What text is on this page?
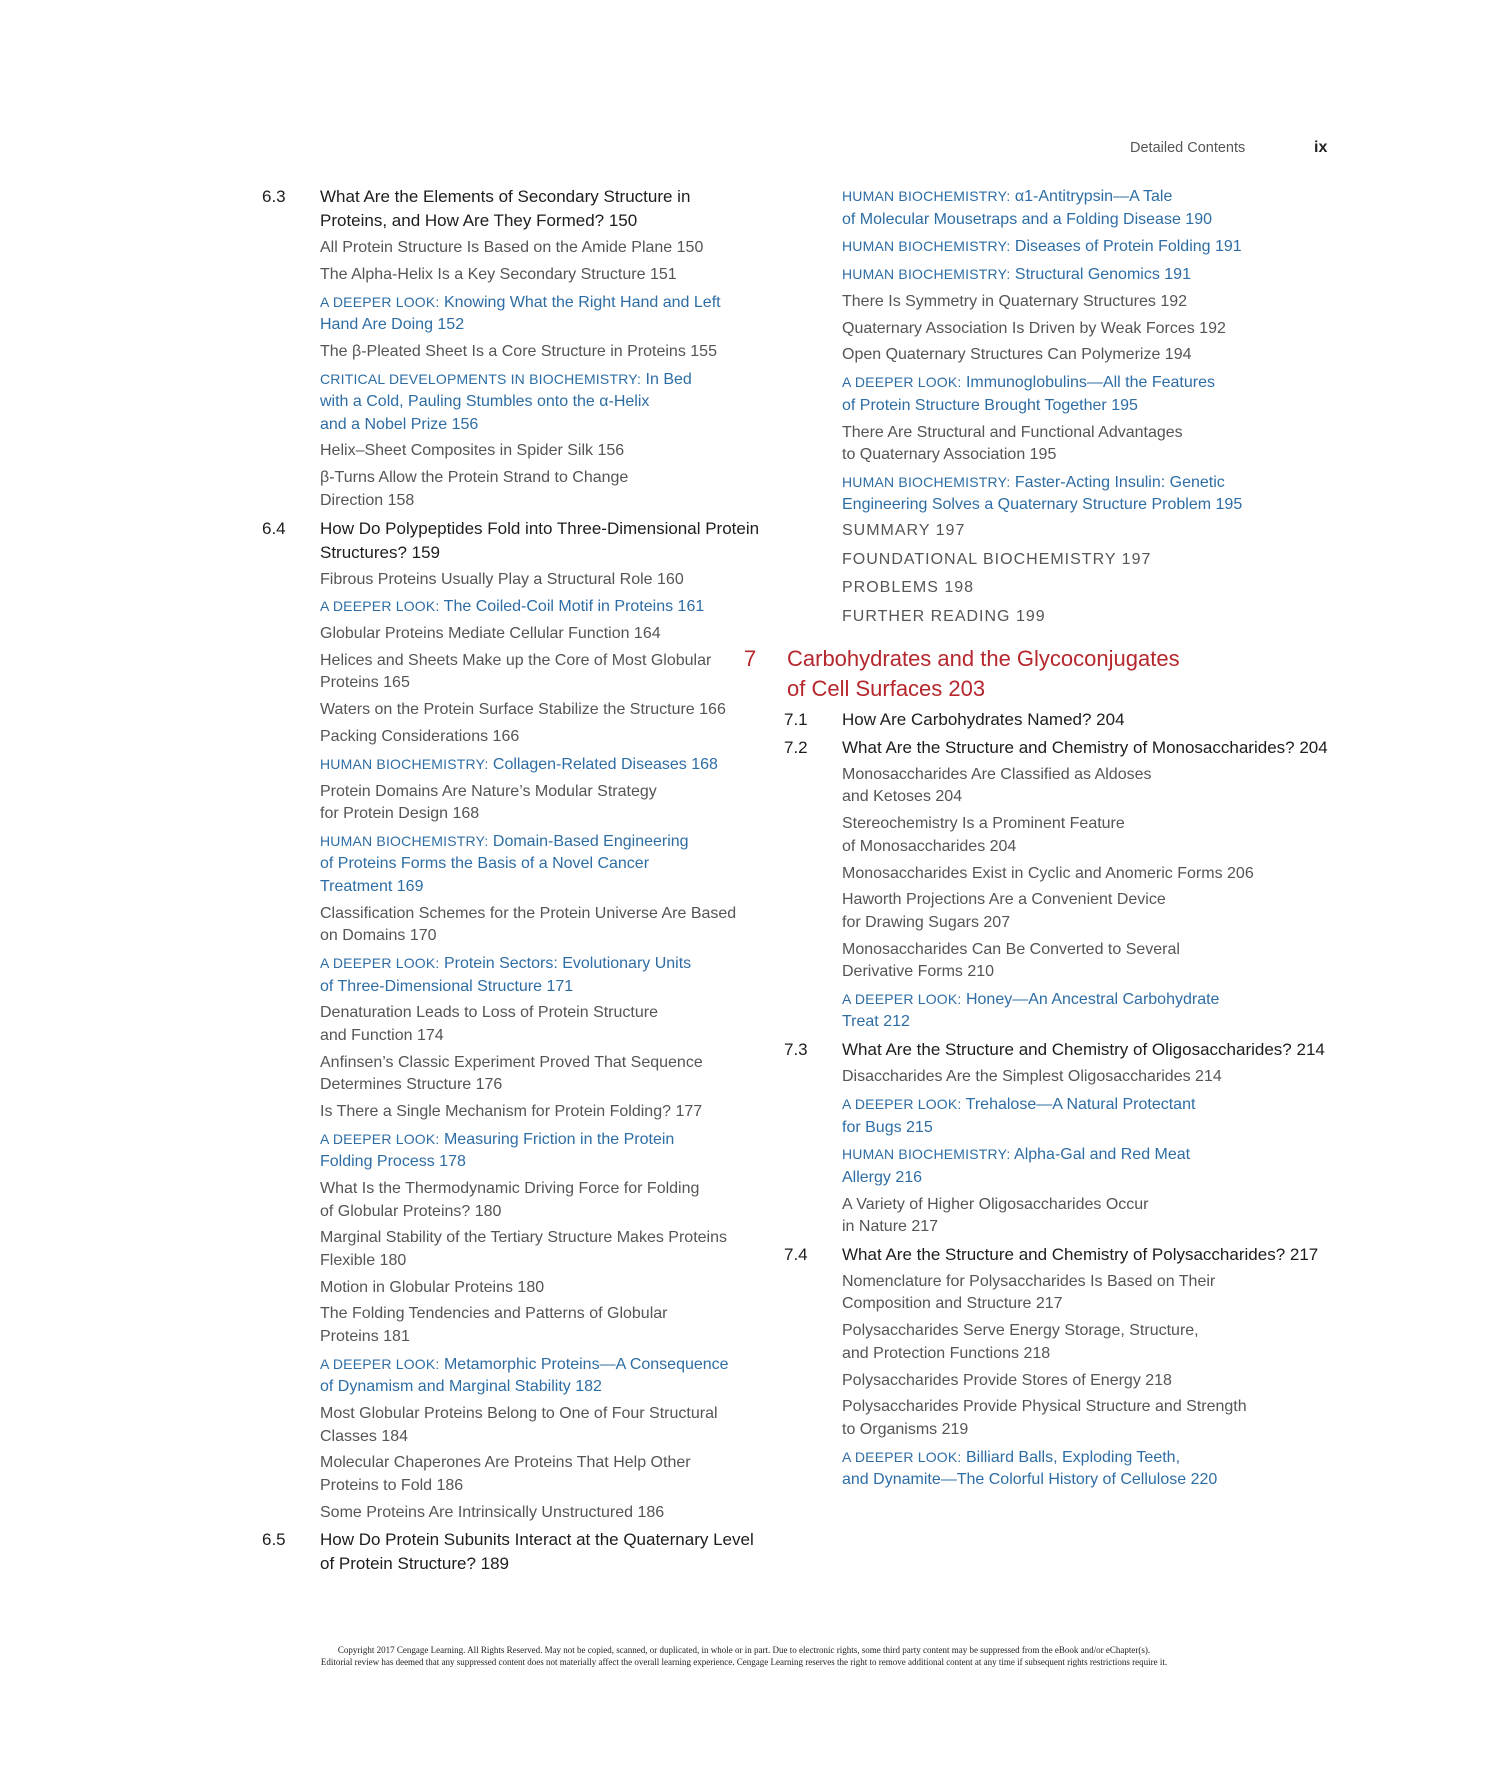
Detailed Contents	ix
6.3	What Are the Elements of Secondary Structure in Proteins, and How Are They Formed? 150
All Protein Structure Is Based on the Amide Plane 150
The Alpha-Helix Is a Key Secondary Structure 151
A DEEPER LOOK: Knowing What the Right Hand and Left
Hand Are Doing 152
The β-Pleated Sheet Is a Core Structure in Proteins 155
CRITICAL DEVELOPMENTS IN BIOCHEMISTRY: In Bed
with a Cold, Pauling Stumbles onto the α-Helix
and a Nobel Prize 156
Helix–Sheet Composites in Spider Silk 156
β-Turns Allow the Protein Strand to Change
Direction 158
6.4	How Do Polypeptides Fold into Three-Dimensional Protein Structures? 159
Fibrous Proteins Usually Play a Structural Role 160
A DEEPER LOOK: The Coiled-Coil Motif in Proteins 161
Globular Proteins Mediate Cellular Function 164
Helices and Sheets Make up the Core of Most Globular
Proteins 165
Waters on the Protein Surface Stabilize the Structure 166
Packing Considerations 166
HUMAN BIOCHEMISTRY: Collagen-Related Diseases 168
Protein Domains Are Nature’s Modular Strategy
for Protein Design 168
HUMAN BIOCHEMISTRY: Domain-Based Engineering
of Proteins Forms the Basis of a Novel Cancer
Treatment 169
Classification Schemes for the Protein Universe Are Based
on Domains 170
A DEEPER LOOK: Protein Sectors: Evolutionary Units
of Three-Dimensional Structure 171
Denaturation Leads to Loss of Protein Structure
and Function 174
Anfinsen’s Classic Experiment Proved That Sequence
Determines Structure 176
Is There a Single Mechanism for Protein Folding? 177
A DEEPER LOOK: Measuring Friction in the Protein
Folding Process 178
What Is the Thermodynamic Driving Force for Folding
of Globular Proteins? 180
Marginal Stability of the Tertiary Structure Makes Proteins
Flexible 180
Motion in Globular Proteins 180
The Folding Tendencies and Patterns of Globular
Proteins 181
A DEEPER LOOK: Metamorphic Proteins—A Consequence
of Dynamism and Marginal Stability 182
Most Globular Proteins Belong to One of Four Structural
Classes 184
Molecular Chaperones Are Proteins That Help Other
Proteins to Fold 186
Some Proteins Are Intrinsically Unstructured 186
6.5	How Do Protein Subunits Interact at the Quaternary Level of Protein Structure? 189
HUMAN BIOCHEMISTRY: α1-Antitrypsin—A Tale
of Molecular Mousetraps and a Folding Disease 190
HUMAN BIOCHEMISTRY: Diseases of Protein Folding 191
HUMAN BIOCHEMISTRY: Structural Genomics 191
There Is Symmetry in Quaternary Structures 192
Quaternary Association Is Driven by Weak Forces 192
Open Quaternary Structures Can Polymerize 194
A DEEPER LOOK: Immunoglobulins—All the Features
of Protein Structure Brought Together 195
There Are Structural and Functional Advantages
to Quaternary Association 195
HUMAN BIOCHEMISTRY: Faster-Acting Insulin: Genetic
Engineering Solves a Quaternary Structure Problem 195
SUMMARY 197
FOUNDATIONAL BIOCHEMISTRY 197
PROBLEMS 198
FURTHER READING 199
7	Carbohydrates and the Glycoconjugates
of Cell Surfaces 203
7.1	How Are Carbohydrates Named? 204
7.2	What Are the Structure and Chemistry of Monosaccharides? 204
Monosaccharides Are Classified as Aldoses
and Ketoses 204
Stereochemistry Is a Prominent Feature
of Monosaccharides 204
Monosaccharides Exist in Cyclic and Anomeric Forms 206
Haworth Projections Are a Convenient Device
for Drawing Sugars 207
Monosaccharides Can Be Converted to Several
Derivative Forms 210
A DEEPER LOOK: Honey—An Ancestral Carbohydrate
Treat 212
7.3	What Are the Structure and Chemistry of Oligosaccharides? 214
Disaccharides Are the Simplest Oligosaccharides 214
A DEEPER LOOK: Trehalose—A Natural Protectant
for Bugs 215
HUMAN BIOCHEMISTRY: Alpha-Gal and Red Meat
Allergy 216
A Variety of Higher Oligosaccharides Occur
in Nature 217
7.4	What Are the Structure and Chemistry of Polysaccharides? 217
Nomenclature for Polysaccharides Is Based on Their
Composition and Structure 217
Polysaccharides Serve Energy Storage, Structure,
and Protection Functions 218
Polysaccharides Provide Stores of Energy 218
Polysaccharides Provide Physical Structure and Strength
to Organisms 219
A DEEPER LOOK: Billiard Balls, Exploding Teeth,
and Dynamite—The Colorful History of Cellulose 220
Copyright 2017 Cengage Learning. All Rights Reserved. May not be copied, scanned, or duplicated, in whole or in part. Due to electronic rights, some third party content may be suppressed from the eBook and/or eChapter(s).
Editorial review has deemed that any suppressed content does not materially affect the overall learning experience. Cengage Learning reserves the right to remove additional content at any time if subsequent rights restrictions require it.
